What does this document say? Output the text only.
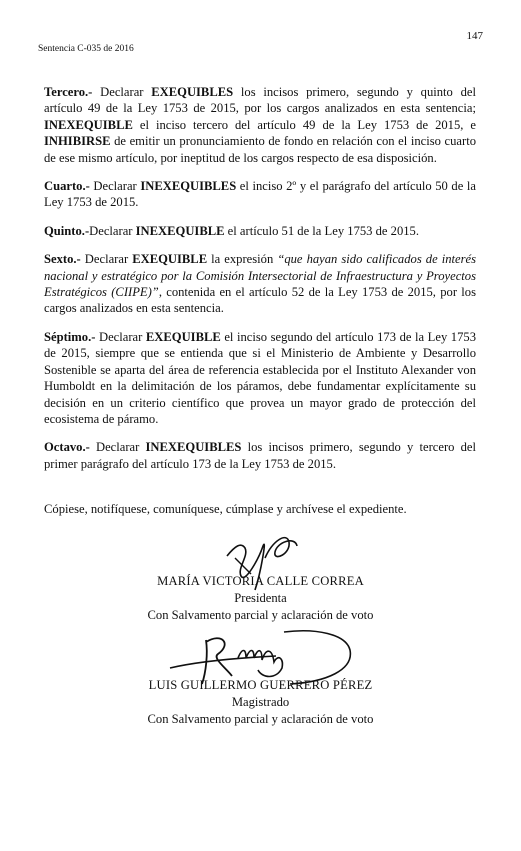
147
Sentencia C-035 de 2016

Tercero.- Declarar EXEQUIBLES los incisos primero, segundo y quinto del artículo 49 de la Ley 1753 de 2015, por los cargos analizados en esta sentencia; INEXEQUIBLE el inciso tercero del artículo 49 de la Ley 1753 de 2015, e INHIBIRSE de emitir un pronunciamiento de fondo en relación con el inciso cuarto de ese mismo artículo, por ineptitud de los cargos respecto de esa disposición.

Cuarto.- Declarar INEXEQUIBLES el inciso 2º y el parágrafo del artículo 50 de la Ley 1753 de 2015.

Quinto.-Declarar INEXEQUIBLE el artículo 51 de la Ley 1753 de 2015.

Sexto.- Declarar EXEQUIBLE la expresión “que hayan sido calificados de interés nacional y estratégico por la Comisión Intersectorial de Infraestructura y Proyectos Estratégicos (CIIPE)”, contenida en el artículo 52 de la Ley 1753 de 2015, por los cargos analizados en esta sentencia.

Séptimo.- Declarar EXEQUIBLE el inciso segundo del artículo 173 de la Ley 1753 de 2015, siempre que se entienda que si el Ministerio de Ambiente y Desarrollo Sostenible se aparta del área de referencia establecida por el Instituto Alexander von Humboldt en la delimitación de los páramos, debe fundamentar explícitamente su decisión en un criterio científico que provea un mayor grado de protección del ecosistema de páramo.

Octavo.- Declarar INEXEQUIBLES los incisos primero, segundo y tercero del primer parágrafo del artículo 173 de la Ley 1753 de 2015.

Cópiese, notifíquese, comuníquese, cúmplase y archívese el expediente.
MARÍA VICTORIA CALLE CORREA
Presidenta
Con Salvamento parcial y aclaración de voto
LUIS GUILLERMO GUERRERO PÉREZ
Magistrado
Con Salvamento parcial y aclaración de voto
